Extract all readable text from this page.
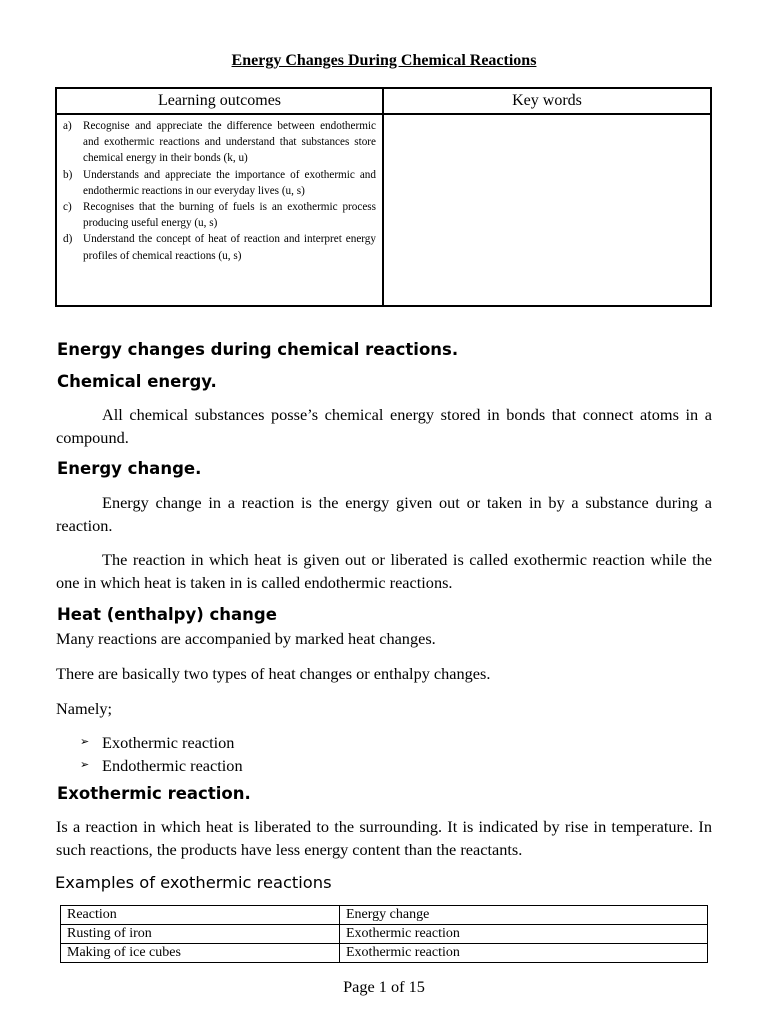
Energy Changes During Chemical Reactions
Learning outcomes	Key words
a)	Recognise and appreciate the difference between endothermic and exothermic reactions and understand that substances store chemical energy in their bonds (k, u)
b) Understands and appreciate the importance of exothermic and endothermic reactions in our everyday lives (u, s)
c)	Recognises that the burning of fuels is an exothermic process producing useful energy (u, s)
d) Understand the concept of heat of reaction and interpret energy profiles of chemical reactions (u, s)
Energy changes during chemical reactions.
Chemical energy.
All chemical substances posse’s chemical energy stored in bonds that connect atoms in a compound.
Energy change.
Energy change in a reaction is the energy given out or taken in by a substance during a reaction.
The reaction in which heat is given out or liberated is called exothermic reaction while the one in which heat is taken in is called endothermic reactions.
Heat (enthalpy) change
Many reactions are accompanied by marked heat changes.
There are basically two types of heat changes or enthalpy changes.
Namely;
➢ Exothermic reaction
➢ Endothermic reaction
Exothermic reaction.
Is a reaction in which heat is liberated to the surrounding. It is indicated by rise in temperature. In such reactions, the products have less energy content than the reactants.
Examples of exothermic reactions
Reaction	Energy change
Rusting of iron	Exothermic reaction
Making of ice cubes	Exothermic reaction
Page 1 of 15
